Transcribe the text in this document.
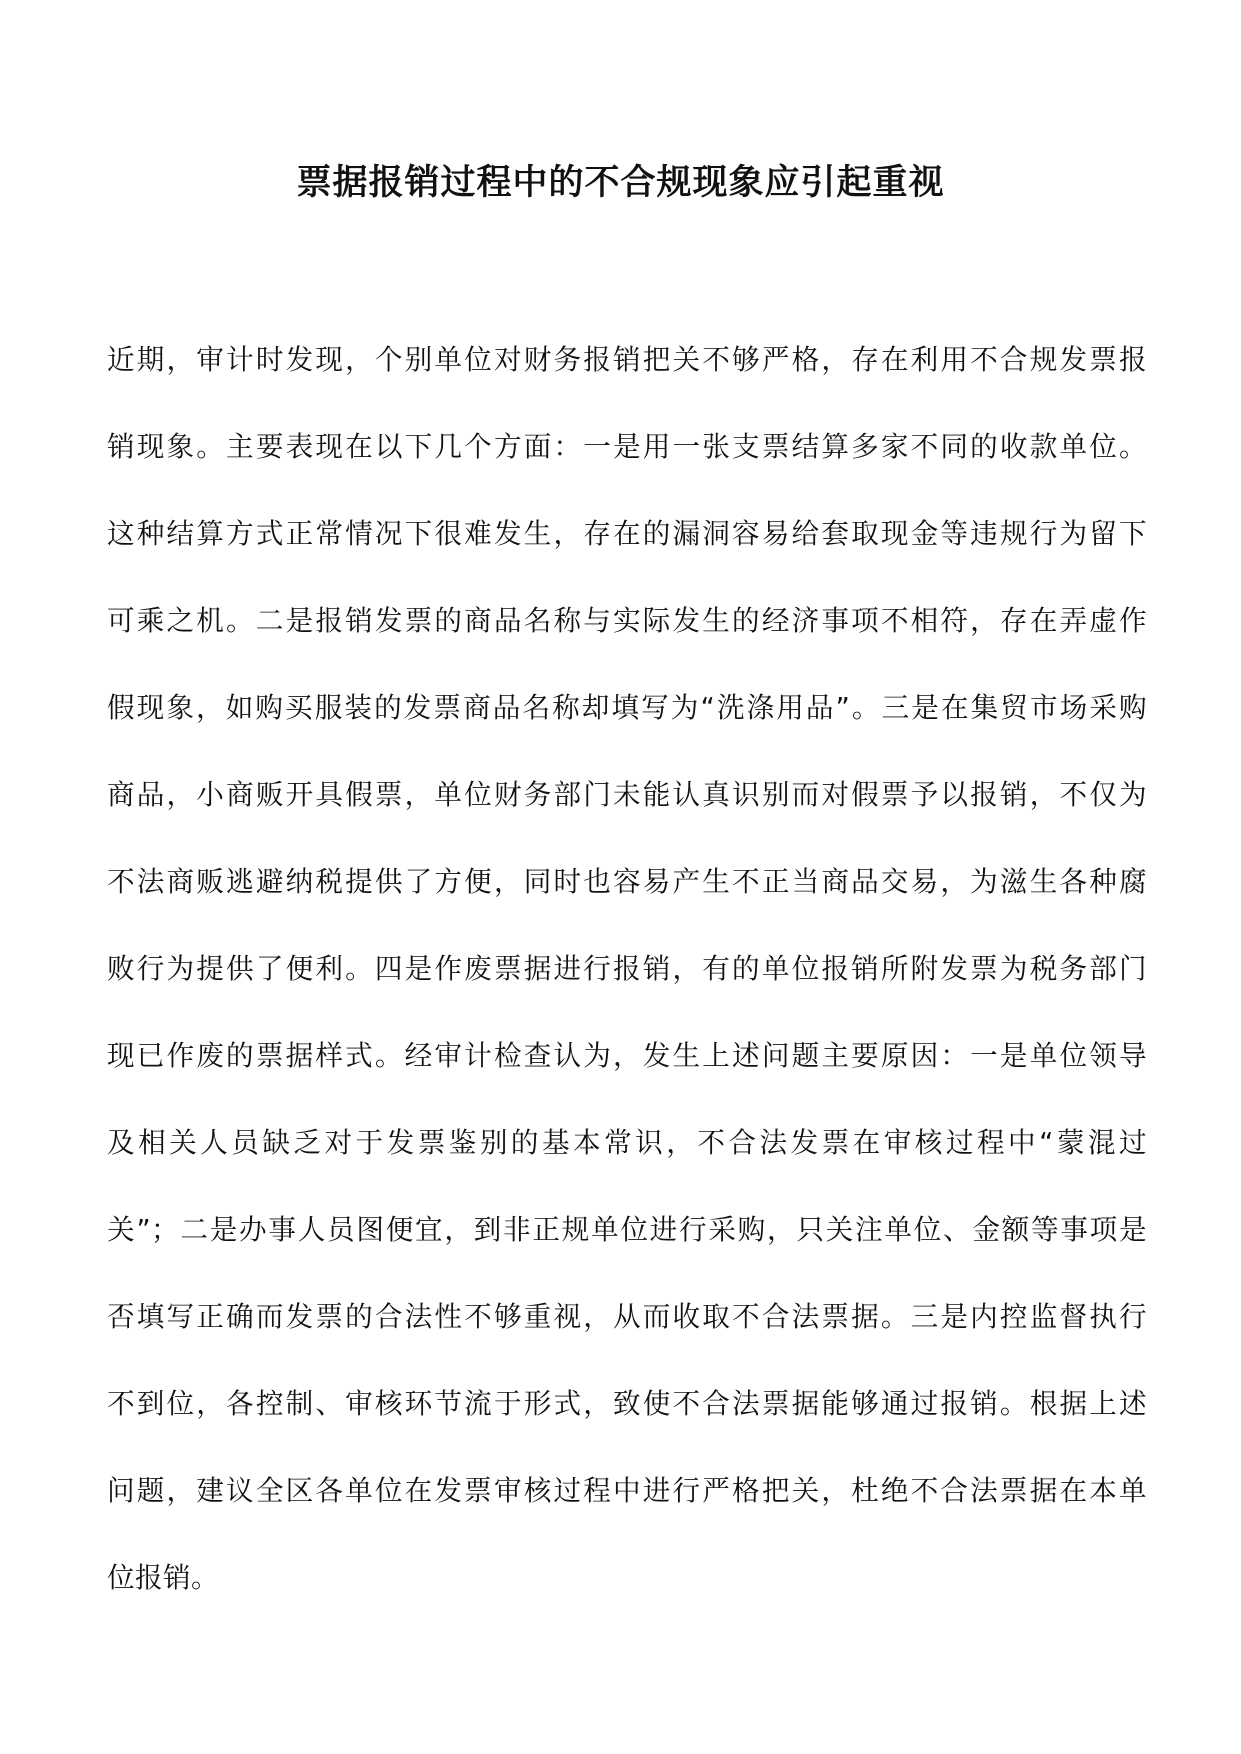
票据报销过程中的不合规现象应引起重视
近期，审计时发现，个别单位对财务报销把关不够严格，存在利用不合规发票报
销现象。主要表现在以下几个方面：一是用一张支票结算多家不同的收款单位。
这种结算方式正常情况下很难发生，存在的漏洞容易给套取现金等违规行为留下
可乘之机。二是报销发票的商品名称与实际发生的经济事项不相符，存在弄虚作
假现象，如购买服装的发票商品名称却填写为“洗涤用品”。三是在集贸市场采购
商品，小商贩开具假票，单位财务部门未能认真识别而对假票予以报销，不仅为
不法商贩逃避纳税提供了方便，同时也容易产生不正当商品交易，为滋生各种腐
败行为提供了便利。四是作废票据进行报销，有的单位报销所附发票为税务部门
现已作废的票据样式。经审计检查认为，发生上述问题主要原因：一是单位领导
及相关人员缺乏对于发票鉴别的基本常识，不合法发票在审核过程中“蒙混过
关”；二是办事人员图便宜，到非正规单位进行采购，只关注单位、金额等事项是
否填写正确而发票的合法性不够重视，从而收取不合法票据。三是内控监督执行
不到位，各控制、审核环节流于形式，致使不合法票据能够通过报销。根据上述
问题，建议全区各单位在发票审核过程中进行严格把关，杜绝不合法票据在本单
位报销。
